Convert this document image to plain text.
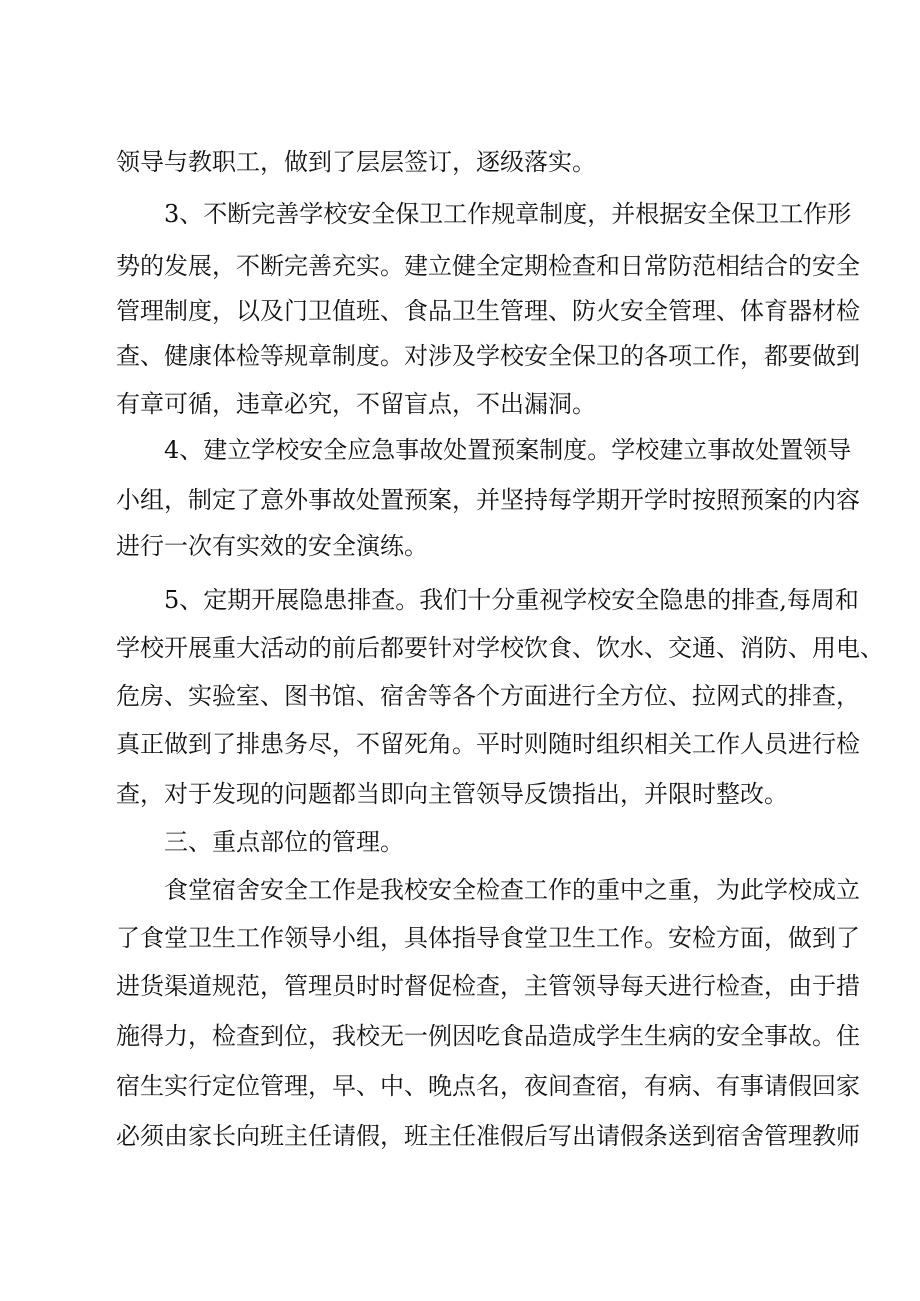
领导与教职工，做到了层层签订，逐级落实。

3、不断完善学校安全保卫工作规章制度，并根据安全保卫工作形

势的发展，不断完善充实。建立健全定期检查和日常防范相结合的安全

管理制度，以及门卫值班、食品卫生管理、防火安全管理、体育器材检

查、健康体检等规章制度。对涉及学校安全保卫的各项工作，都要做到

有章可循，违章必究，不留盲点，不出漏洞。

4、建立学校安全应急事故处置预案制度。学校建立事故处置领导

小组，制定了意外事故处置预案，并坚持每学期开学时按照预案的内容

进行一次有实效的安全演练。

5、定期开展隐患排查。我们十分重视学校安全隐患的排查,每周和

学校开展重大活动的前后都要针对学校饮食、饮水、交通、消防、用电、

危房、实验室、图书馆、宿舍等各个方面进行全方位、拉网式的排查，

真正做到了排患务尽，不留死角。平时则随时组织相关工作人员进行检

查，对于发现的问题都当即向主管领导反馈指出，并限时整改。

三、重点部位的管理。

食堂宿舍安全工作是我校安全检查工作的重中之重，为此学校成立

了食堂卫生工作领导小组，具体指导食堂卫生工作。安检方面，做到了

进货渠道规范，管理员时时督促检查，主管领导每天进行检查，由于措

施得力，检查到位，我校无一例因吃食品造成学生生病的安全事故。住

宿生实行定位管理，早、中、晚点名，夜间查宿，有病、有事请假回家

必须由家长向班主任请假，班主任准假后写出请假条送到宿舍管理教师
